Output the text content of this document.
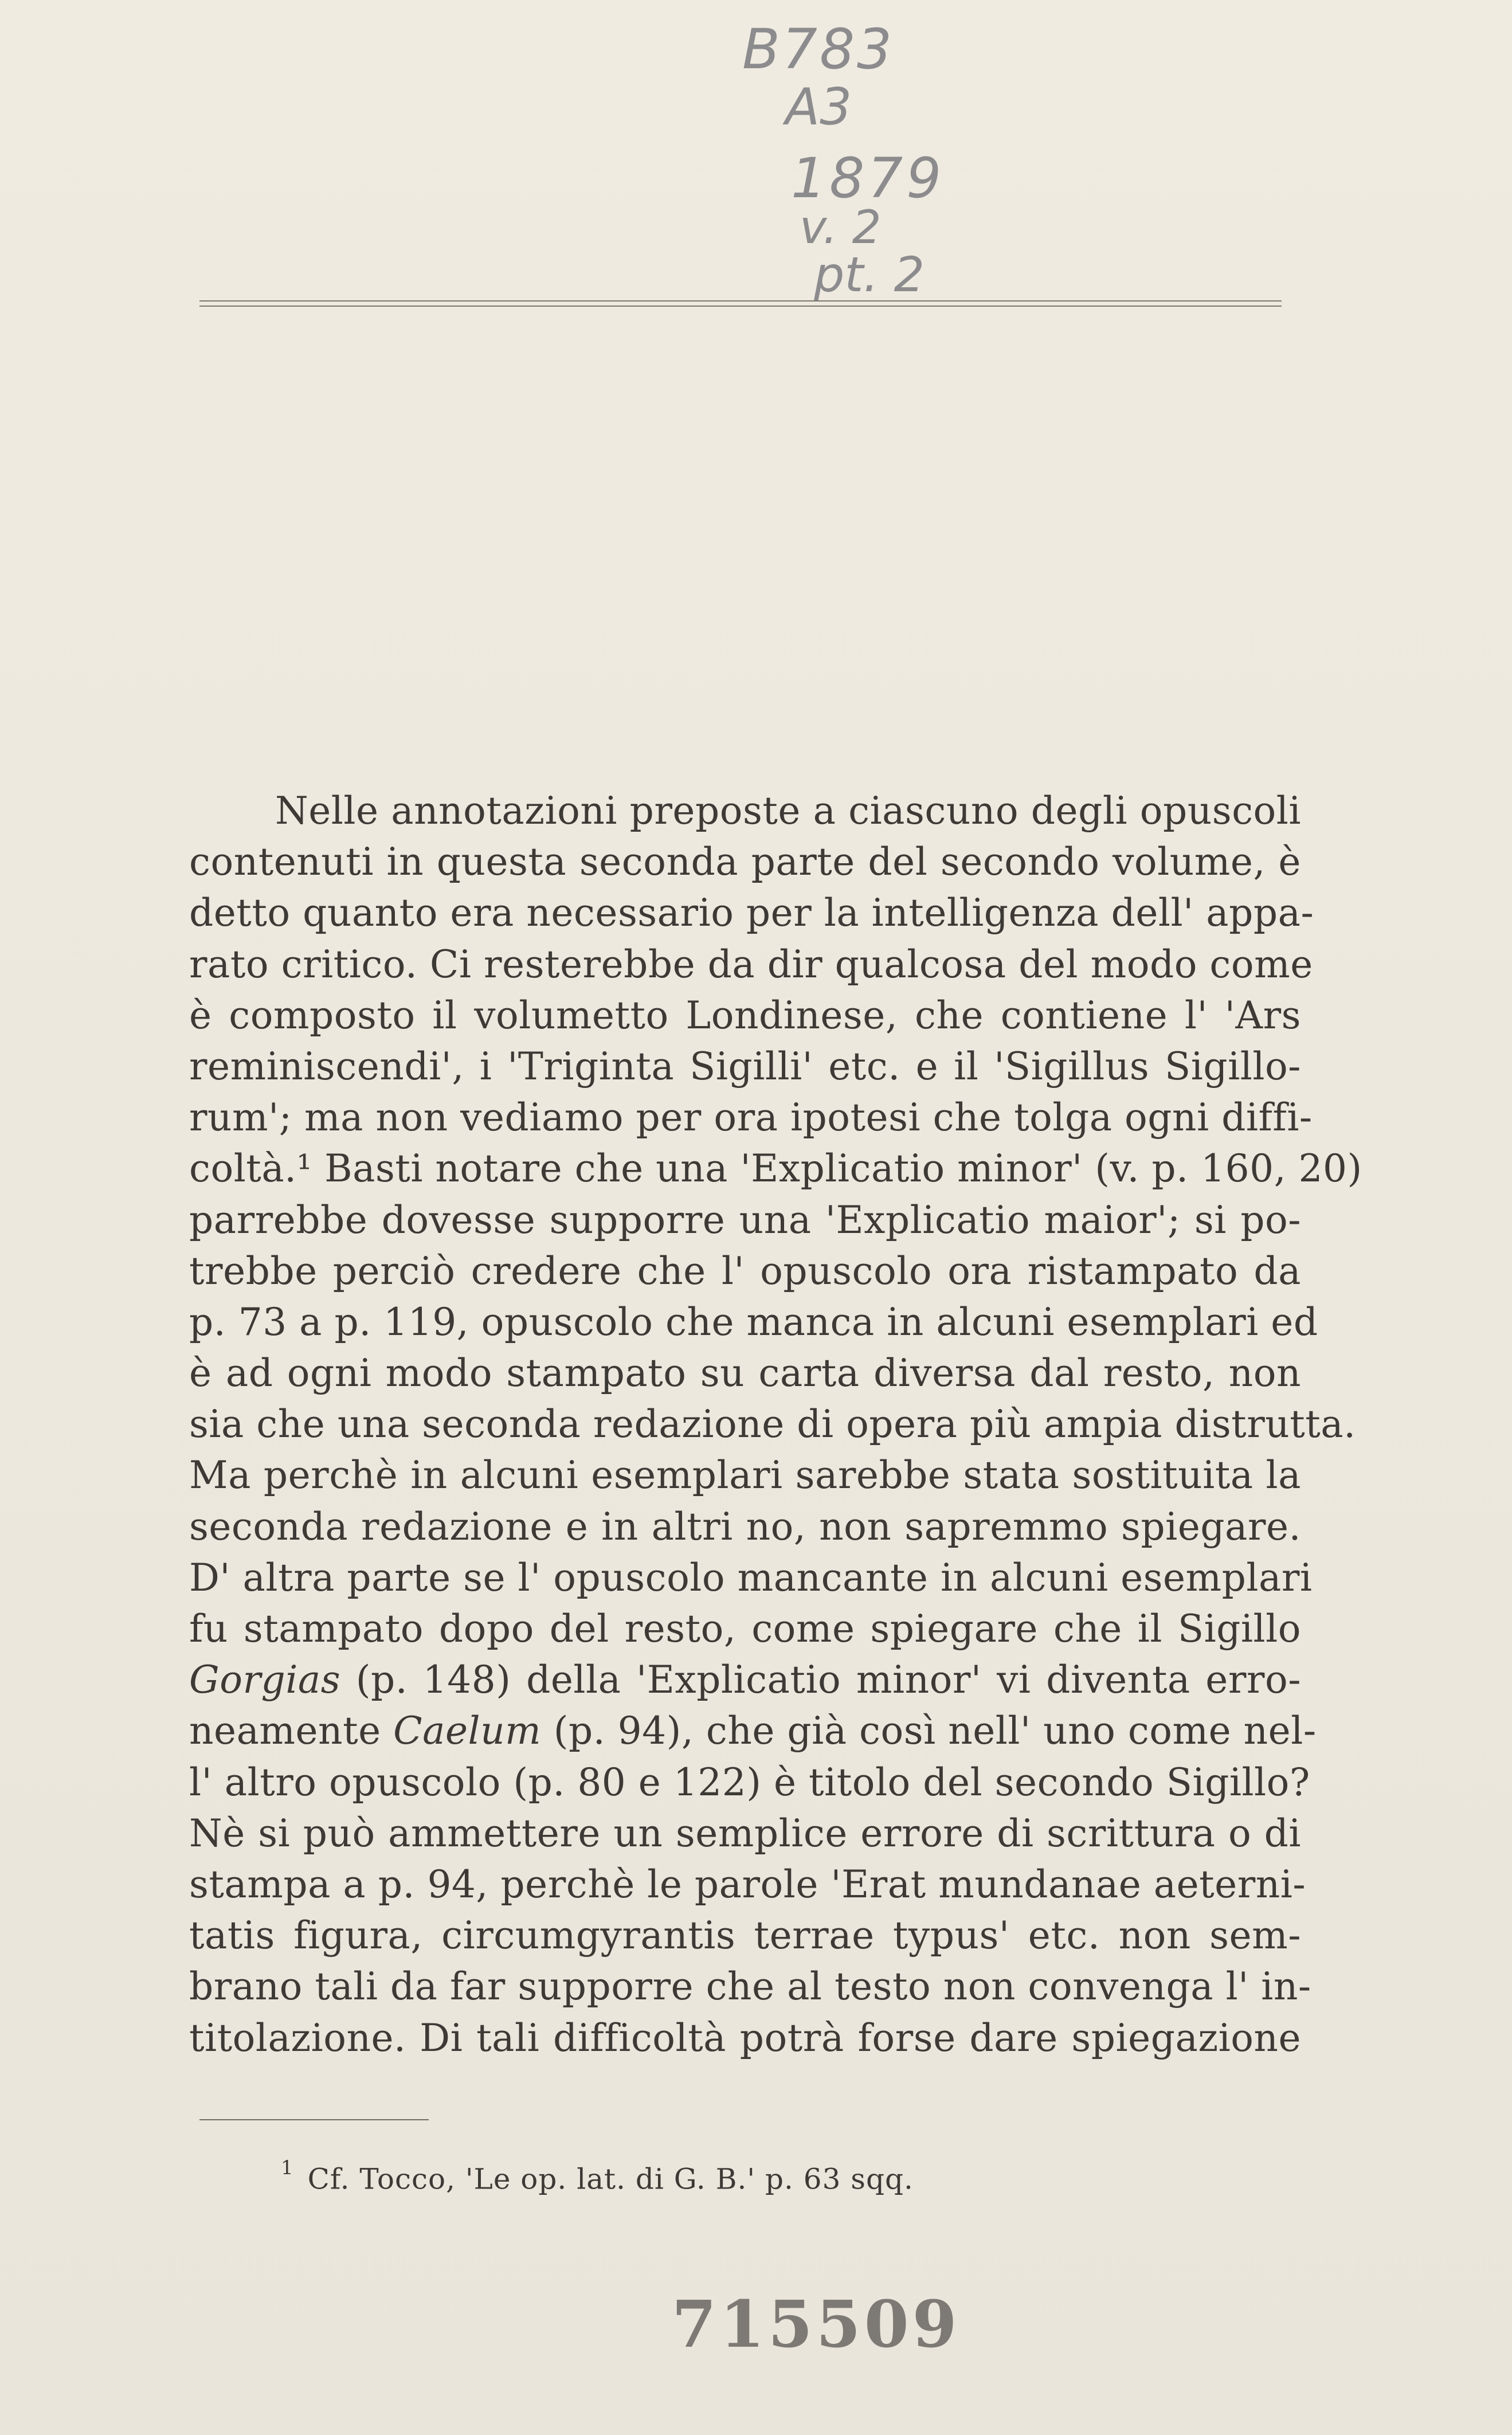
B783
A3
1879
v. 2
pt. 2
Nelle annotazioni preposte a ciascuno degli opuscoli
contenuti in questa seconda parte del secondo volume, è
detto quanto era necessario per la intelligenza dell' appa-
rato critico. Ci resterebbe da dir qualcosa del modo come
è composto il volumetto Londinese, che contiene l' 'Ars
reminiscendi', i 'Triginta Sigilli' etc. e il 'Sigillus Sigillo-
rum'; ma non vediamo per ora ipotesi che tolga ogni diffi-
coltà.¹ Basti notare che una 'Explicatio minor' (v. p. 160, 20)
parrebbe dovesse supporre una 'Explicatio maior'; si po-
trebbe perciò credere che l' opuscolo ora ristampato da
p. 73 a p. 119, opuscolo che manca in alcuni esemplari ed
è ad ogni modo stampato su carta diversa dal resto, non
sia che una seconda redazione di opera più ampia distrutta.
Ma perchè in alcuni esemplari sarebbe stata sostituita la
seconda redazione e in altri no, non sapremmo spiegare.
D' altra parte se l' opuscolo mancante in alcuni esemplari
fu stampato dopo del resto, come spiegare che il Sigillo
Gorgias (p. 148) della 'Explicatio minor' vi diventa erro-
neamente Caelum (p. 94), che già così nell' uno come nel-
l' altro opuscolo (p. 80 e 122) è titolo del secondo Sigillo?
Nè si può ammettere un semplice errore di scrittura o di
stampa a p. 94, perchè le parole 'Erat mundanae aeterni-
tatis figura, circumgyrantis terrae typus' etc. non sem-
brano tali da far supporre che al testo non convenga l' in-
titolazione. Di tali difficoltà potrà forse dare spiegazione
$^1$ Cf. Tocco, 'Le op. lat. di G. B.' p. 63 sqq.
715509
